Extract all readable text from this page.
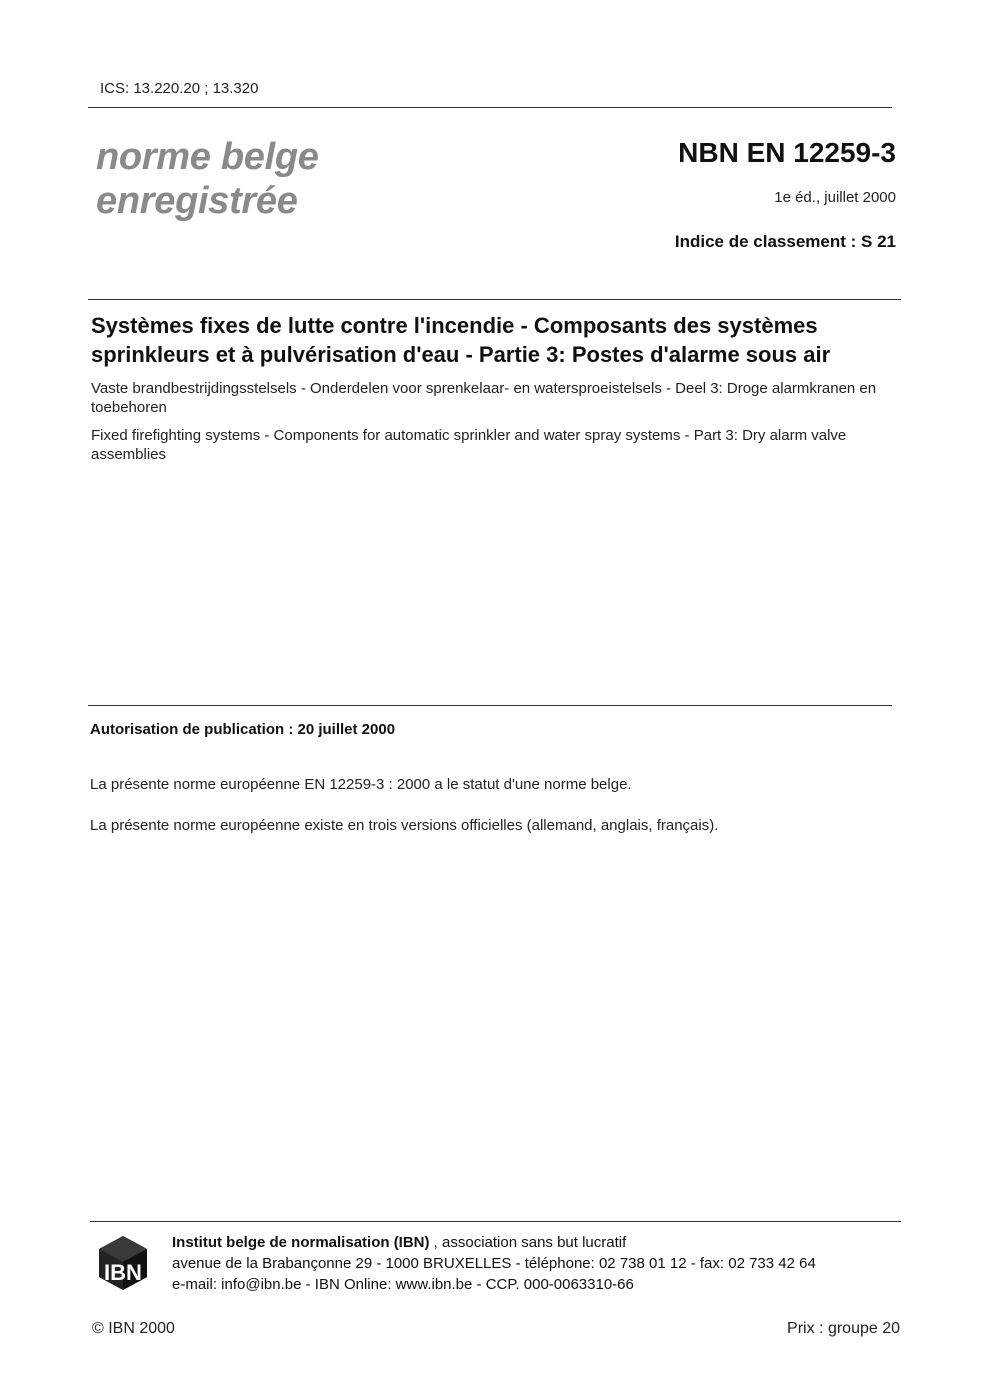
ICS: 13.220.20 ; 13.320
norme belge
enregistrée
NBN EN 12259-3
1e éd., juillet 2000
Indice de classement : S 21
Systèmes fixes de lutte contre l'incendie - Composants des systèmes sprinkleurs et à pulvérisation d'eau - Partie 3: Postes d'alarme sous air
Vaste brandbestrijdingsstelsels - Onderdelen voor sprenkelaar- en watersproeistelsels - Deel 3: Droge alarmkranen en toebehoren
Fixed firefighting systems - Components for automatic sprinkler and water spray systems - Part 3: Dry alarm valve assemblies
Autorisation de publication : 20 juillet 2000
La présente norme européenne EN 12259-3 : 2000 a le statut d'une norme belge.
La présente norme européenne existe en trois versions officielles (allemand, anglais, français).
IBN
Institut belge de normalisation (IBN) , association sans but lucratif
avenue de la Brabançonne 29 - 1000 BRUXELLES - téléphone: 02 738 01 12 - fax: 02 733 42 64
e-mail: info@ibn.be - IBN Online: www.ibn.be - CCP. 000-0063310-66
© IBN 2000	Prix : groupe 20
